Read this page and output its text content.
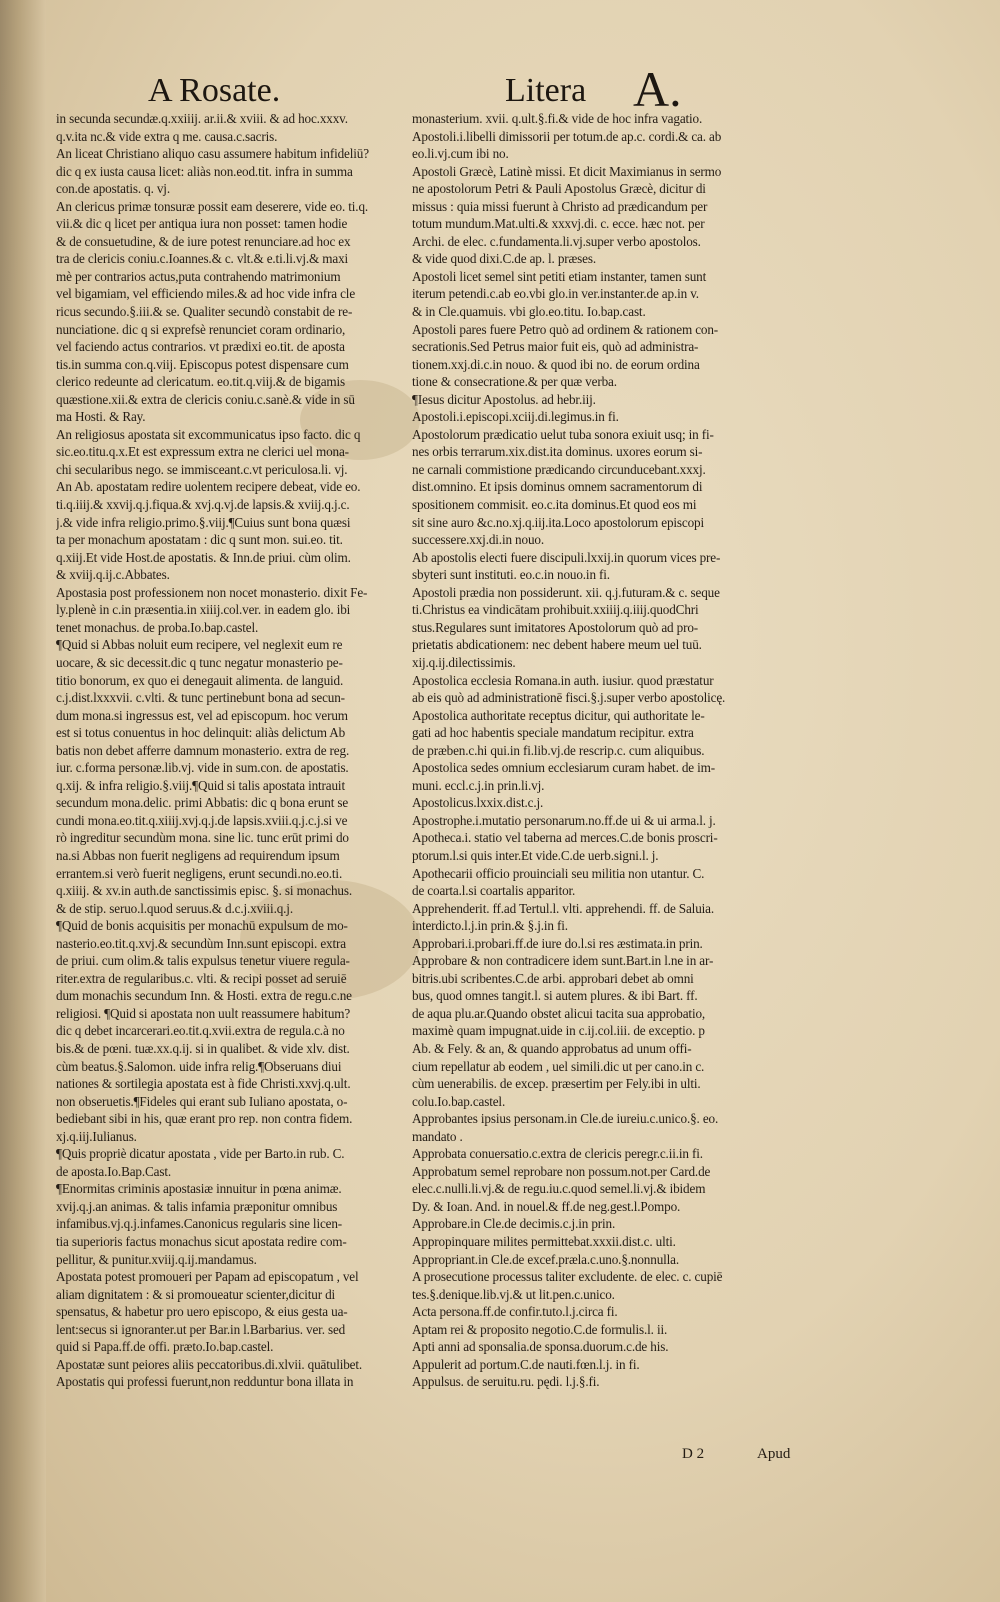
A Rosate.	Litera A.
in secunda secundæ.q.xxiiij. ar.ii.& xviii. & ad hoc.xxxv.
q.v.ita nc.& vide extra q me. causa.c.sacris.
An liceat Christiano aliquo casu assumere habitum infideliū?
dic q ex iusta causa licet: aliàs non.eod.tit. infra in summa
con.de apostatis. q. vj.
An clericus primæ tonsuræ possit eam deserere, vide eo. ti.q.
vii.& dic q licet per antiqua iura non posset: tamen hodie
& de consuetudine, & de iure potest renunciare.ad hoc ex
tra de clericis coniu.c.Ioannes.& c. vlt.& e.ti.li.vj.& maxi
mè per contrarios actus,puta contrahendo matrimonium
vel bigamiam, vel efficiendo miles.& ad hoc vide infra cle
ricus secundo.§.iii.& se. Qualiter secundò constabit de re-
nunciatione. dic q si exprefsè renunciet coram ordinario,
vel faciendo actus contrarios. vt prædixi eo.tit. de aposta
tis.in summa con.q.viij. Episcopus potest dispensare cum
clerico redeunte ad clericatum. eo.tit.q.viij.& de bigamis
quæstione.xii.& extra de clericis coniu.c.sanè.& vide in sū
ma Hosti. & Ray.
An religiosus apostata sit excommunicatus ipso facto. dic q
sic.eo.titu.q.x.Et est expressum extra ne clerici uel mona-
chi secularibus nego. se immisceant.c.vt periculosa.li. vj.
An Ab. apostatam redire uolentem recipere debeat, vide eo.
ti.q.iiij.& xxvij.q.j.fiqua.& xvj.q.vj.de lapsis.& xviij.q.j.c.
j.& vide infra religio.primo.§.viij.¶Cuius sunt bona quæsi
ta per monachum apostatam : dic q sunt mon. sui.eo. tit.
q.xiij.Et vide Host.de apostatis. & Inn.de priui. cùm olim.
& xviij.q.ij.c.Abbates.
Apostasia post professionem non nocet monasterio. dixit Fe-
ly.plenè in c.in præsentia.in xiiij.col.ver. in eadem glo. ibi
tenet monachus. de proba.Io.bap.castel.
¶Quid si Abbas noluit eum recipere, vel neglexit eum re
uocare, & sic decessit.dic q tunc negatur monasterio pe-
titio bonorum, ex quo ei denegauit alimenta. de languid.
c.j.dist.lxxxvii. c.vlti. & tunc pertinebunt bona ad secun-
dum mona.si ingressus est, vel ad episcopum. hoc verum
est si totus conuentus in hoc delinquit: aliàs delictum Ab
batis non debet afferre damnum monasterio. extra de reg.
iur. c.forma personæ.lib.vj. vide in sum.con. de apostatis.
q.xij. & infra religio.§.viij.¶Quid si talis apostata intrauit
secundum mona.delic. primi Abbatis: dic q bona erunt se
cundi mona.eo.tit.q.xiiij.xvj.q.j.de lapsis.xviii.q.j.c.j.si ve
rò ingreditur secundùm mona. sine lic. tunc erūt primi do
na.si Abbas non fuerit negligens ad requirendum ipsum
errantem.si verò fuerit negligens, erunt secundi.no.eo.ti.
q.xiiij. & xv.in auth.de sanctissimis episc. §. si monachus.
& de stip. seruo.l.quod seruus.& d.c.j.xviii.q.j.
¶Quid de bonis acquisitis per monachū expulsum de mo-
nasterio.eo.tit.q.xvj.& secundùm Inn.sunt episcopi. extra
de priui. cum olim.& talis expulsus tenetur viuere regula-
riter.extra de regularibus.c. vlti. & recipi posset ad seruiē
dum monachis secundum Inn. & Hosti. extra de regu.c.ne
religiosi. ¶Quid si apostata non uult reassumere habitum?
dic q debet incarcerari.eo.tit.q.xvii.extra de regula.c.à no
bis.& de pœni. tuæ.xx.q.ij. si in qualibet. & vide xlv. dist.
cùm beatus.§.Salomon. uide infra relig.¶Obseruans diui
nationes & sortilegia apostata est à fide Christi.xxvj.q.ult.
non obseruetis.¶Fideles qui erant sub Iuliano apostata, o-
bediebant sibi in his, quæ erant pro rep. non contra fidem.
xj.q.iij.Iulianus.
¶Quis propriè dicatur apostata , vide per Barto.in rub. C.
de aposta.Io.Bap.Cast.
¶Enormitas criminis apostasiæ innuitur in pœna animæ.
xvij.q.j.an animas. & talis infamia præponitur omnibus
infamibus.vj.q.j.infames.Canonicus regularis sine licen-
tia superioris factus monachus sicut apostata redire com-
pellitur, & punitur.xviij.q.ij.mandamus.
Apostata potest promoueri per Papam ad episcopatum , vel
aliam dignitatem : & si promoueatur scienter,dicitur di
spensatus, & habetur pro uero episcopo, & eius gesta ua-
lent:secus si ignoranter.ut per Bar.in l.Barbarius. ver. sed
quid si Papa.ff.de offi. præto.Io.bap.castel.
Apostatæ sunt peiores aliis peccatoribus.di.xlvii. quātulibet.
Apostatis qui professi fuerunt,non redduntur bona illata in
monasterium. xvii. q.ult.§.fi.& vide de hoc infra vagatio.
Apostoli.i.libelli dimissorii per totum.de ap.c. cordi.& ca. ab
eo.li.vj.cum ibi no.
Apostoli Græcè, Latinè missi. Et dicit Maximianus in sermo
ne apostolorum Petri & Pauli Apostolus Græcè, dicitur di
missus : quia missi fuerunt à Christo ad prædicandum per
totum mundum.Mat.ulti.& xxxvj.di. c. ecce. hæc not. per
Archi. de elec. c.fundamenta.li.vj.super verbo apostolos.
& vide quod dixi.C.de ap. l. præses.
Apostoli licet semel sint petiti etiam instanter, tamen sunt
iterum petendi.c.ab eo.vbi glo.in ver.instanter.de ap.in v.
& in Cle.quamuis. vbi glo.eo.titu. Io.bap.cast.
Apostoli pares fuere Petro quò ad ordinem & rationem con-
secrationis.Sed Petrus maior fuit eis, quò ad administra-
tionem.xxj.di.c.in nouo. & quod ibi no. de eorum ordina
tione & consecratione.& per quæ verba.
¶Iesus dicitur Apostolus. ad hebr.iij.
Apostoli.i.episcopi.xciij.di.legimus.in fi.
Apostolorum prædicatio uelut tuba sonora exiuit usq; in fi-
nes orbis terrarum.xix.dist.ita dominus. uxores eorum si-
ne carnali commistione prædicando circunducebant.xxxj.
dist.omnino. Et ipsis dominus omnem sacramentorum di
spositionem commisit. eo.c.ita dominus.Et quod eos mi
sit sine auro &c.no.xj.q.iij.ita.Loco apostolorum episcopi
successere.xxj.di.in nouo.
Ab apostolis electi fuere discipuli.lxxij.in quorum vices pre-
sbyteri sunt instituti. eo.c.in nouo.in fi.
Apostoli prædia non possiderunt. xii. q.j.futuram.& c. seque
ti.Christus ea vindicātam prohibuit.xxiiij.q.iiij.quodChri
stus.Regulares sunt imitatores Apostolorum quò ad pro-
prietatis abdicationem: nec debent habere meum uel tuū.
xij.q.ij.dilectissimis.
Apostolica ecclesia Romana.in auth. iusiur. quod præstatur
ab eis quò ad administrationē fisci.§.j.super verbo apostolicę.
Apostolica authoritate receptus dicitur, qui authoritate le-
gati ad hoc habentis speciale mandatum recipitur. extra
de præben.c.hi qui.in fi.lib.vj.de rescrip.c. cum aliquibus.
Apostolica sedes omnium ecclesiarum curam habet. de im-
muni. eccl.c.j.in prin.li.vj.
Apostolicus.lxxix.dist.c.j.
Apostrophe.i.mutatio personarum.no.ff.de ui & ui arma.l. j.
Apotheca.i. statio vel taberna ad merces.C.de bonis proscri-
ptorum.l.si quis inter.Et vide.C.de uerb.signi.l. j.
Apothecarii officio prouinciali seu militia non utantur. C.
de coarta.l.si coartalis apparitor.
Apprehenderit. ff.ad Tertul.l. vlti. apprehendi. ff. de Saluia.
interdicto.l.j.in prin.& §.j.in fi.
Approbari.i.probari.ff.de iure do.l.si res æstimata.in prin.
Approbare & non contradicere idem sunt.Bart.in l.ne in ar-
bitris.ubi scribentes.C.de arbi. approbari debet ab omni
bus, quod omnes tangit.l. si autem plures. & ibi Bart. ff.
de aqua plu.ar.Quando obstet alicui tacita sua approbatio,
maximè quam impugnat.uide in c.ij.col.iii. de exceptio. p
Ab. & Fely. & an, & quando approbatus ad unum offi-
cium repellatur ab eodem , uel simili.dic ut per cano.in c.
cùm uenerabilis. de excep. præsertim per Fely.ibi in ulti.
colu.Io.bap.castel.
Approbantes ipsius personam.in Cle.de iureiu.c.unico.§. eo.
mandato .
Approbata conuersatio.c.extra de clericis peregr.c.ii.in fi.
Approbatum semel reprobare non possum.not.per Card.de
elec.c.nulli.li.vj.& de regu.iu.c.quod semel.li.vj.& ibidem
Dy. & Ioan. And. in nouel.& ff.de neg.gest.l.Pompo.
Approbare.in Cle.de decimis.c.j.in prin.
Appropinquare milites permittebat.xxxii.dist.c. ulti.
Appropriant.in Cle.de excef.præla.c.uno.§.nonnulla.
A prosecutione processus taliter excludente. de elec. c. cupiē
tes.§.denique.lib.vj.& ut lit.pen.c.unico.
Acta persona.ff.de confir.tuto.l.j.circa fi.
Aptam rei & proposito negotio.C.de formulis.l. ii.
Apti anni ad sponsalia.de sponsa.duorum.c.de his.
Appulerit ad portum.C.de nauti.fœn.l.j. in fi.
Appulsus. de seruitu.ru. pędi. l.j.§.fi.
D 2	Apud
